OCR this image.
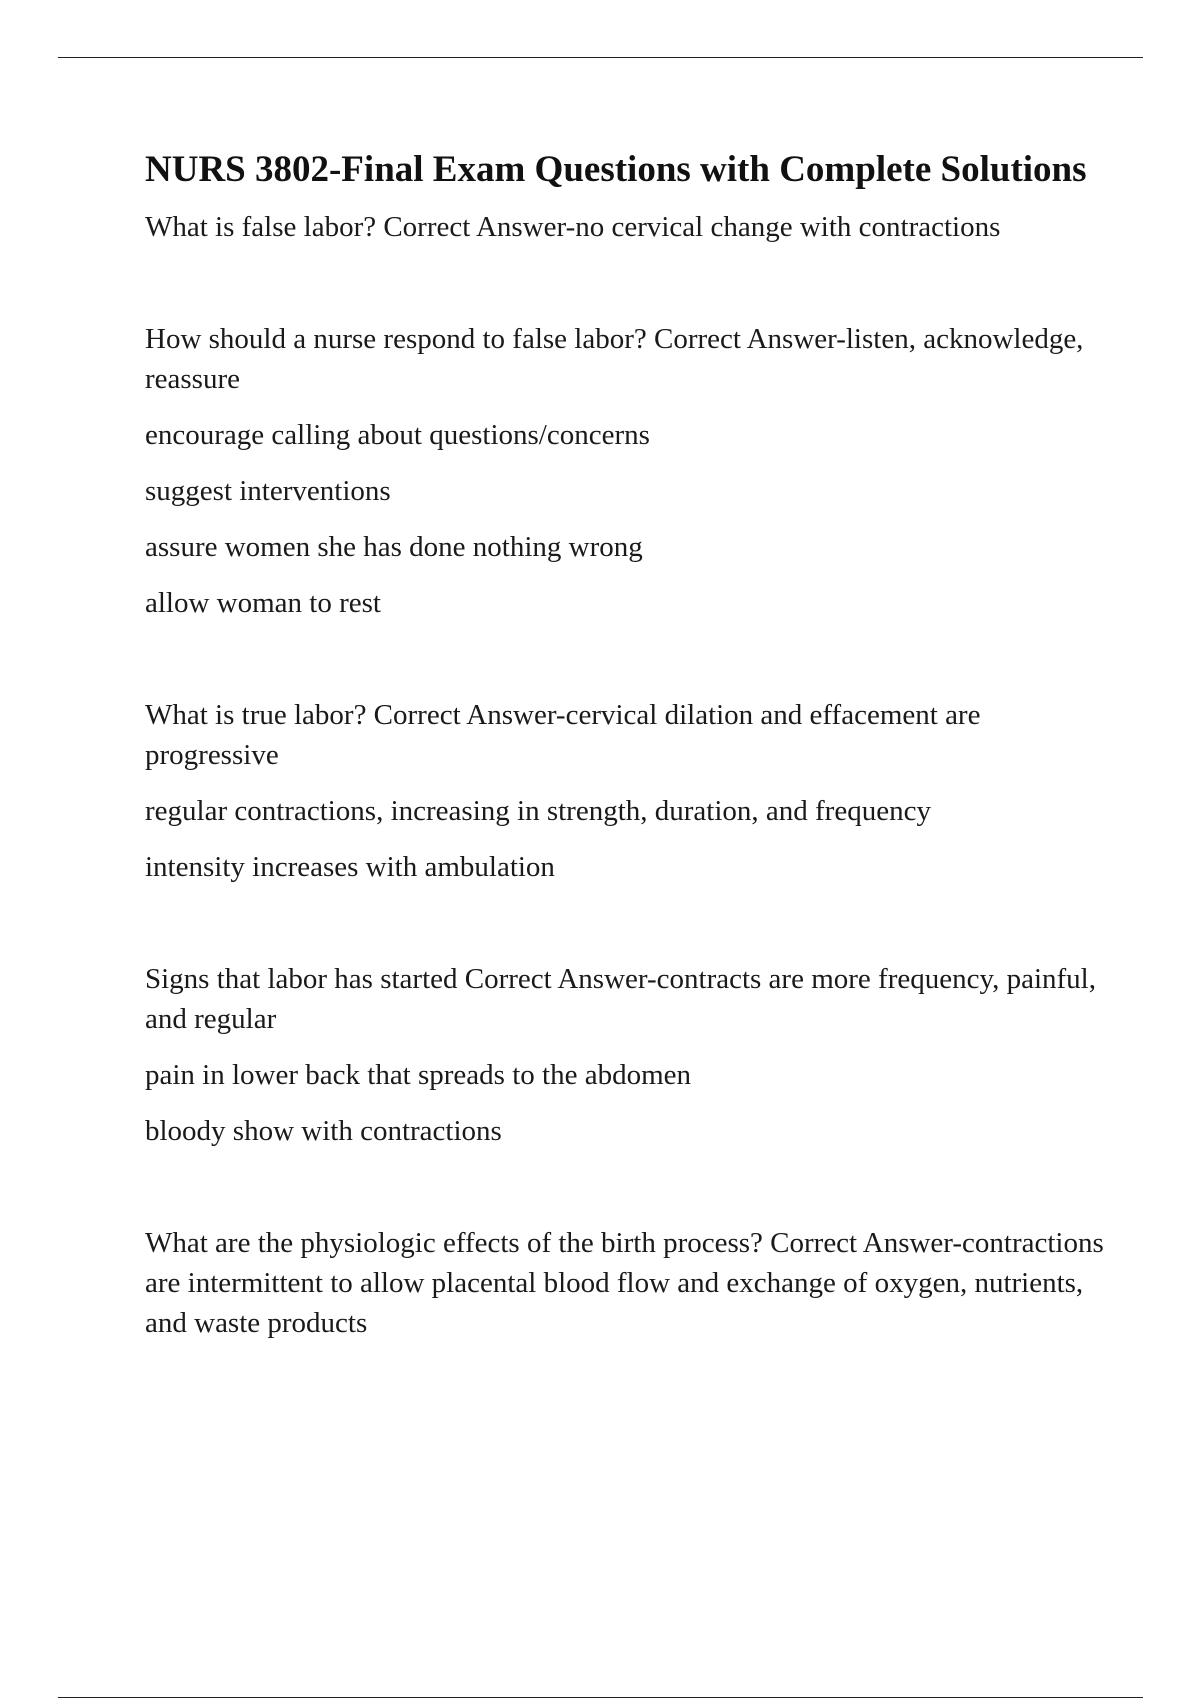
NURS 3802-Final Exam Questions with Complete Solutions

What is false labor? Correct Answer-no cervical change with contractions

How should a nurse respond to false labor? Correct Answer-listen, acknowledge, reassure

encourage calling about questions/concerns

suggest interventions

assure women she has done nothing wrong

allow woman to rest

What is true labor? Correct Answer-cervical dilation and effacement are progressive

regular contractions, increasing in strength, duration, and frequency

intensity increases with ambulation

Signs that labor has started Correct Answer-contracts are more frequency, painful, and regular

pain in lower back that spreads to the abdomen

bloody show with contractions

What are the physiologic effects of the birth process? Correct Answer-contractions are intermittent to allow placental blood flow and exchange of oxygen, nutrients, and waste products
